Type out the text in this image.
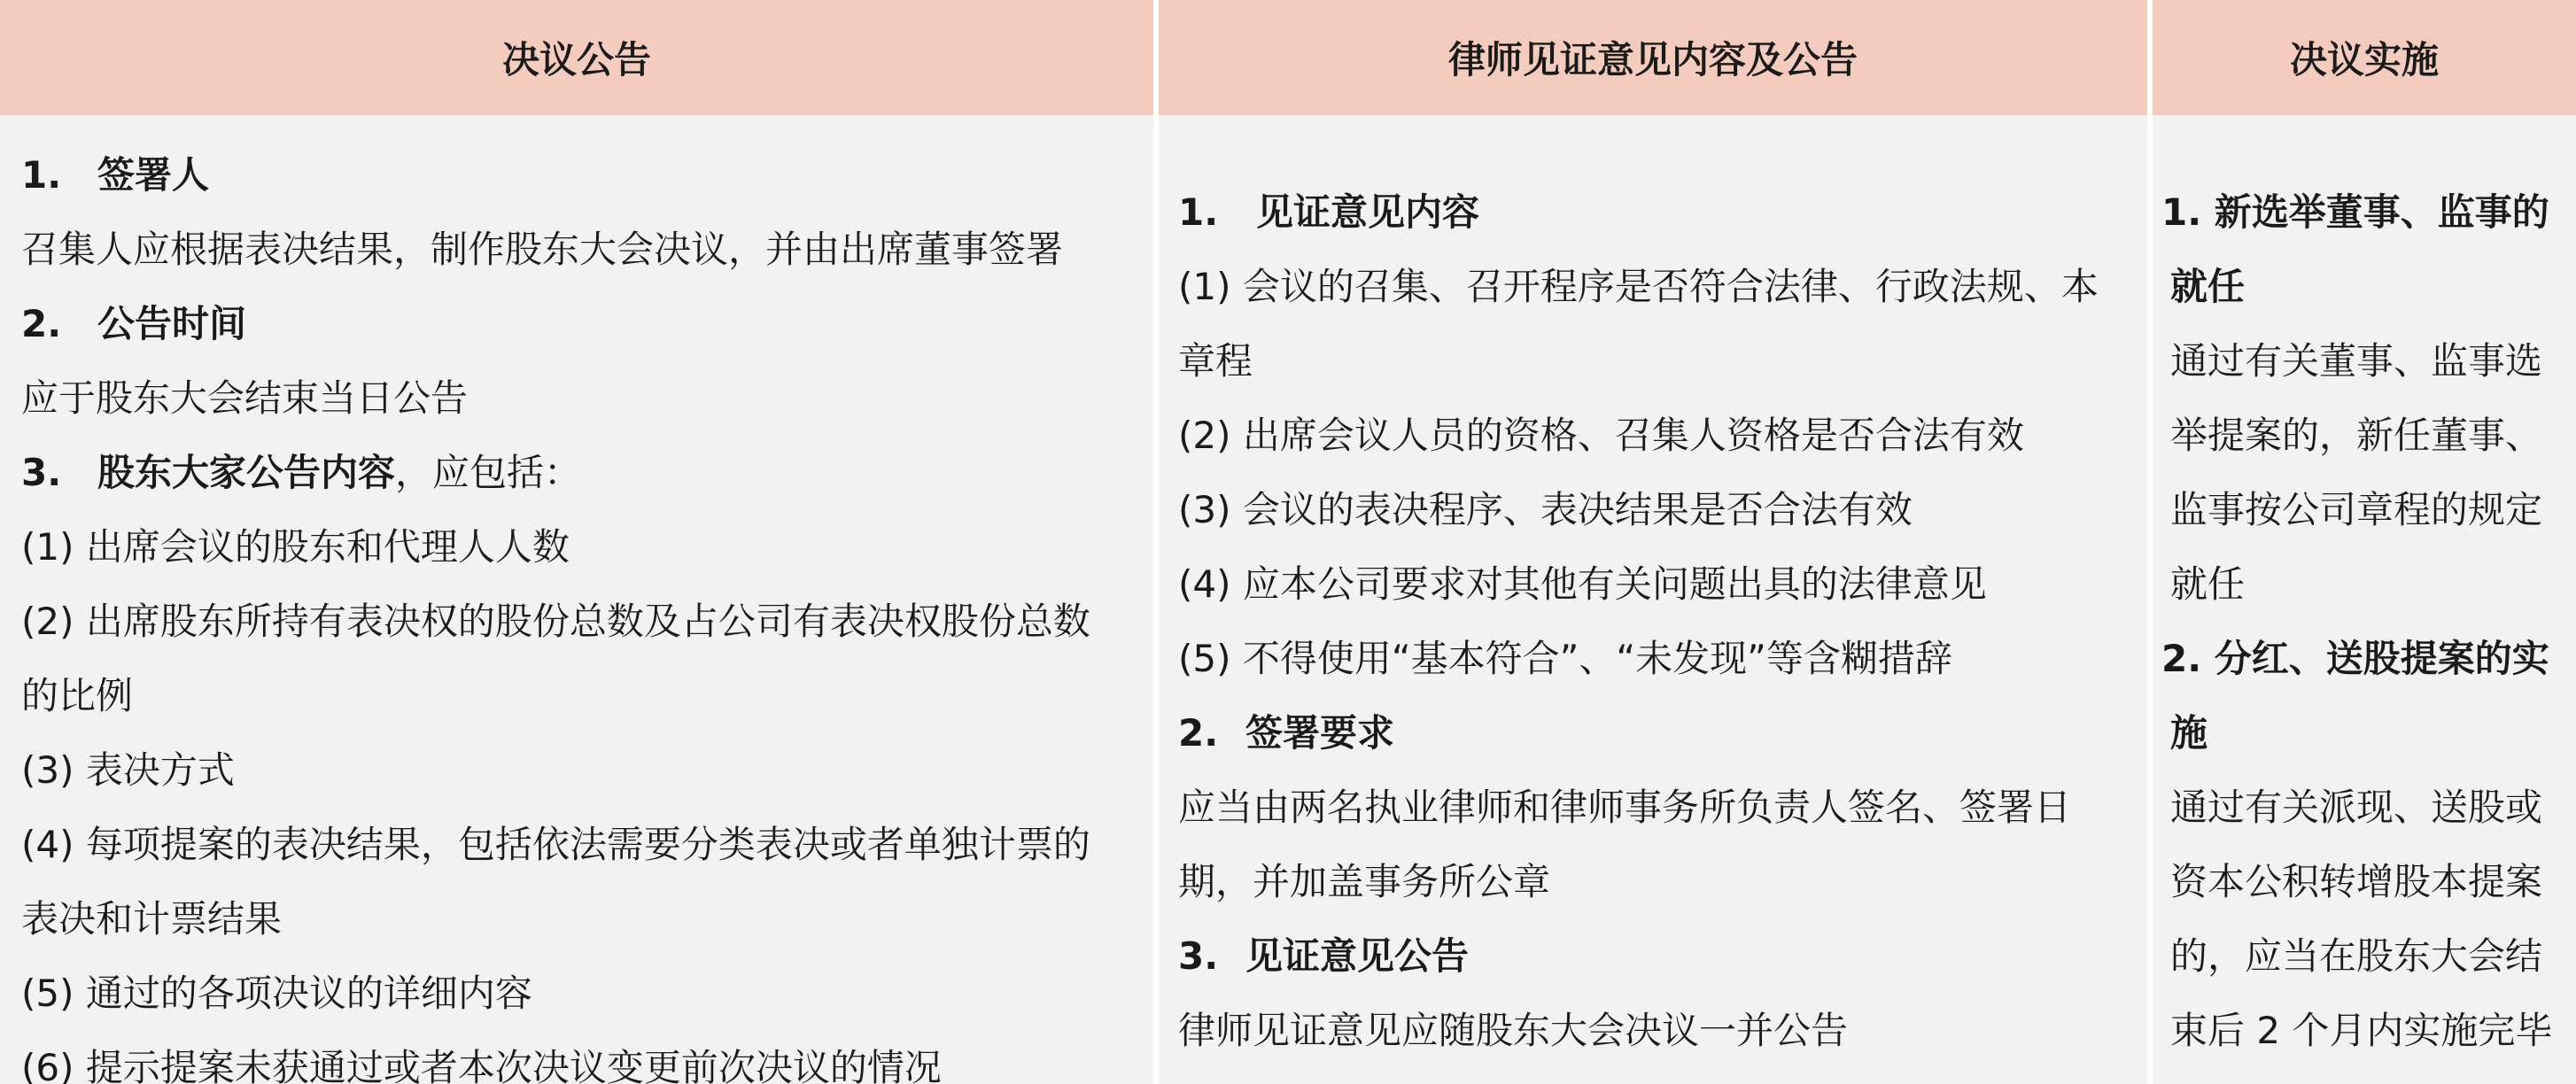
决议公告	律师见证意见内容及公告	决议实施
1. 签署人
召集人应根据表决结果，制作股东大会决议，并由出席董事签署
2. 公告时间
应于股东大会结束当日公告
3. 股东大家公告内容，应包括：
(1) 出席会议的股东和代理人人数
(2) 出席股东所持有表决权的股份总数及占公司有表决权股份总数
的比例
(3) 表决方式
(4) 每项提案的表决结果，包括依法需要分类表决或者单独计票的
表决和计票结果
(5) 通过的各项决议的详细内容
(6) 提示提案未获通过或者本次决议变更前次决议的情况
1. 见证意见内容
(1) 会议的召集、召开程序是否符合法律、行政法规、本
章程
(2) 出席会议人员的资格、召集人资格是否合法有效
(3) 会议的表决程序、表决结果是否合法有效
(4) 应本公司要求对其他有关问题出具的法律意见
(5) 不得使用“基本符合”、“未发现”等含糊措辞
2. 签署要求
应当由两名执业律师和律师事务所负责人签名、签署日
期，并加盖事务所公章
3. 见证意见公告
律师见证意见应随股东大会决议一并公告
1. 新选举董事、监事的
就任
通过有关董事、监事选
举提案的，新任董事、
监事按公司章程的规定
就任
2. 分红、送股提案的实
施
通过有关派现、送股或
资本公积转增股本提案
的，应当在股东大会结
束后 2 个月内实施完毕
